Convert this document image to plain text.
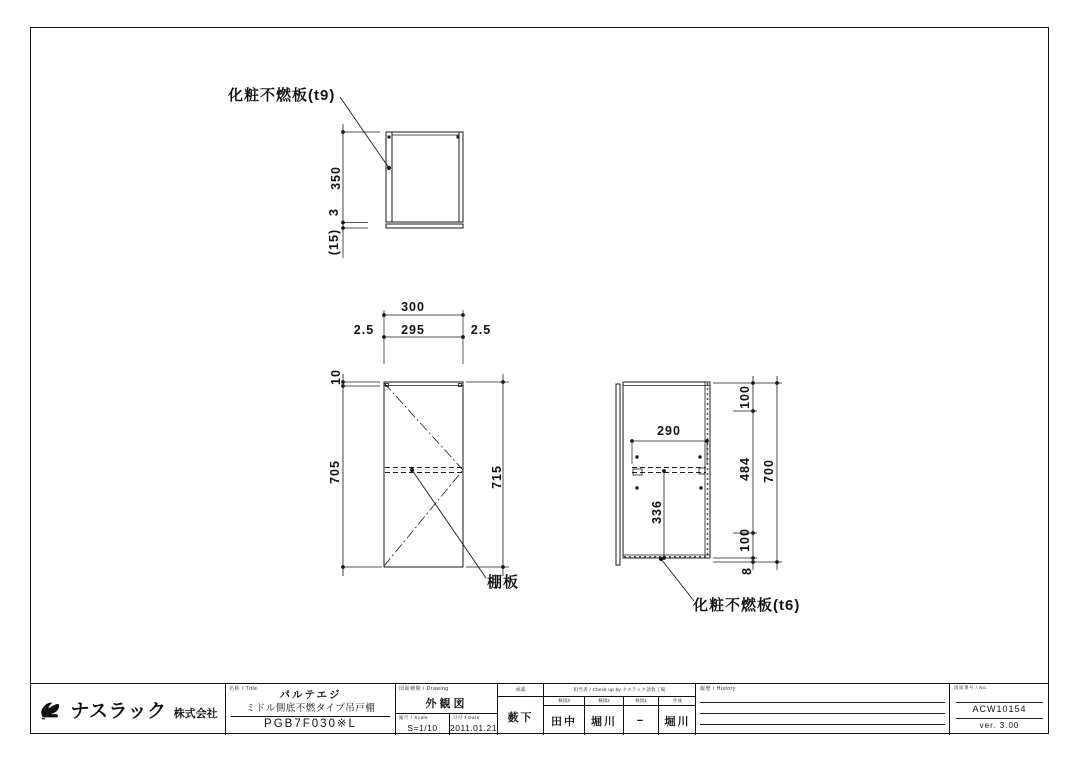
化粧不燃板(t9)
棚板
化粧不燃板(t6)
350
3
(15)
300
2.5 295	2.5
10
705	715
290
336
100
484
100
8
700
ナスラック 株式会社
名称 / Title	パルテエジ
ミドル側底不燃タイプ吊戸棚
PGB7F030※L
図面種類 / Drawing
外観図
縮尺 / Scale
S=1/10
日付 / Date
2011.01.21
承認
薮下
担当者 / Check up by ナスラック請負工場
検図3
田中
検図2
堀川
検図1
−
作成
堀川
履歴 / History	図面番号 / No.
ACW10154
ver. 3.00
